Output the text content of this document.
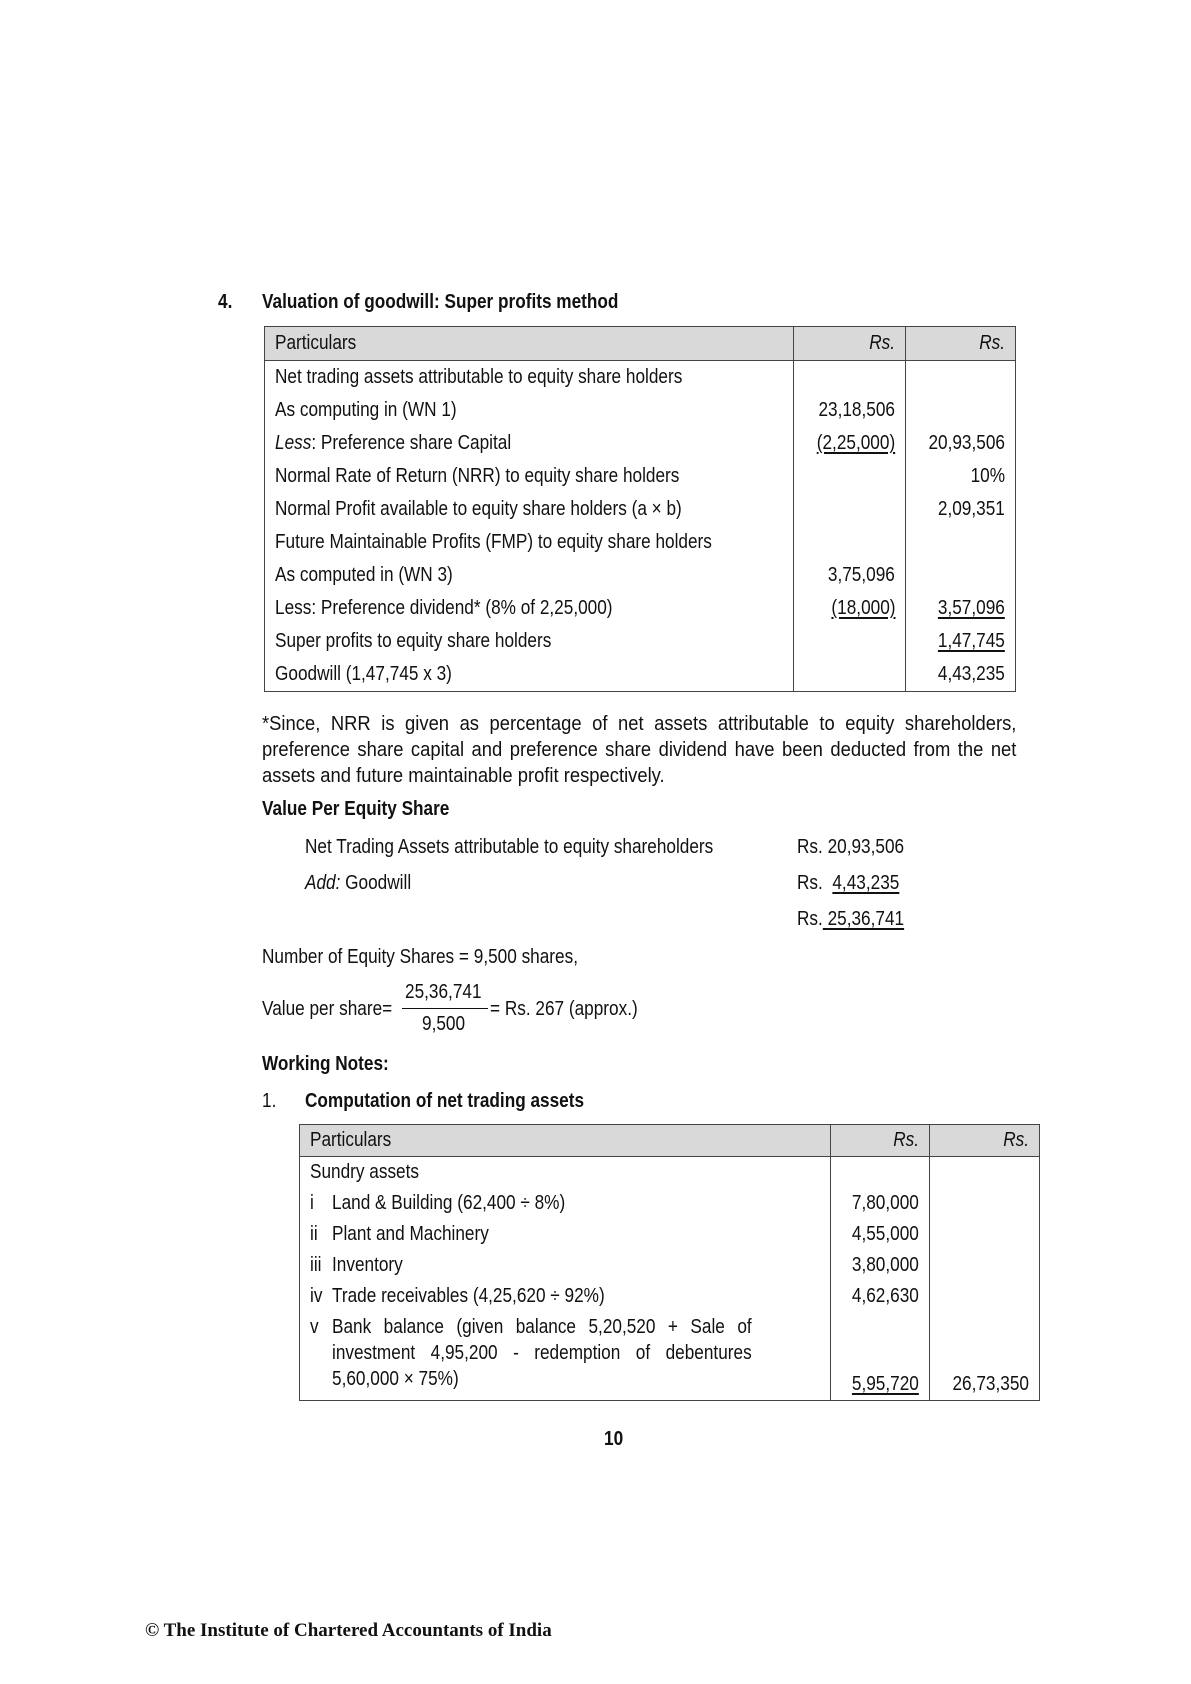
4. Valuation of goodwill: Super profits method
Particulars	Rs.	Rs.
Net trading assets attributable to equity share holders		
As computing in (WN 1)	23,18,506	
Less: Preference share Capital	(2,25,000)	20,93,506
Normal Rate of Return (NRR) to equity share holders		10%
Normal Profit available to equity share holders (a × b)		2,09,351
Future Maintainable Profits (FMP) to equity share holders		
As computed in (WN 3)	3,75,096	
Less: Preference dividend* (8% of 2,25,000)	(18,000)	3,57,096
Super profits to equity share holders		1,47,745
Goodwill (1,47,745 x 3)		4,43,235
*Since, NRR is given as percentage of net assets attributable to equity shareholders,
preference share capital and preference share dividend have been deducted from the net
assets and future maintainable profit respectively.
Value Per Equity Share
Net Trading Assets attributable to equity shareholders	Rs. 20,93,506
Add: Goodwill	Rs. 4,43,235
Rs. 25,36,741
Number of Equity Shares = 9,500 shares,
Value per share=
25,36,741
9,500
= Rs. 267 (approx.)
Working Notes:
1. Computation of net trading assets
Particulars		Rs.	Rs.
Sundry assets			
i	Land & Building (62,400 ÷ 8%)	7,80,000	
ii	Plant and Machinery	4,55,000	
iii	Inventory	3,80,000	
iv	Trade receivables (4,25,620 ÷ 92%)	4,62,630	
v	Bank balance (given balance 5,20,520 + Sale of
investment 4,95,200 - redemption of debentures
5,60,000 × 75%)	5,95,720	26,73,350
10
© The Institute of Chartered Accountants of India
